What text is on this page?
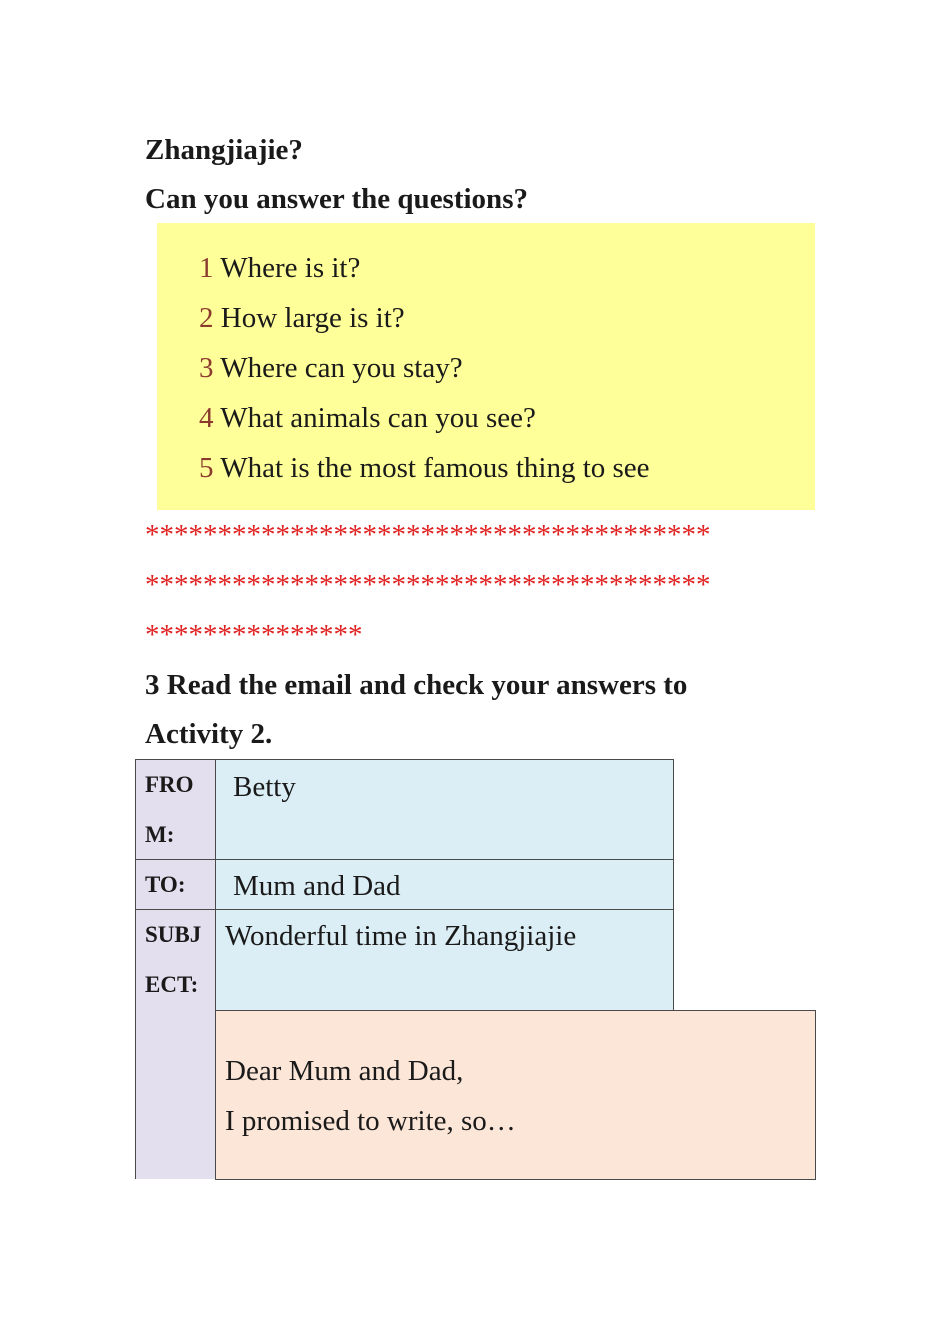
Zhangjiajie?
Can you answer the questions?
1 Where is it?
2 How large is it?
3 Where can you stay?
4 What animals can you see?
5 What is the most famous thing to see
***************************************
***************************************
***************
3 Read the email and check your answers to
Activity 2.
FRO
M:
Betty
TO:	Mum and Dad
SUBJ
ECT:
Wonderful time in Zhangjiajie
Dear Mum and Dad,
I promised to write, so…
